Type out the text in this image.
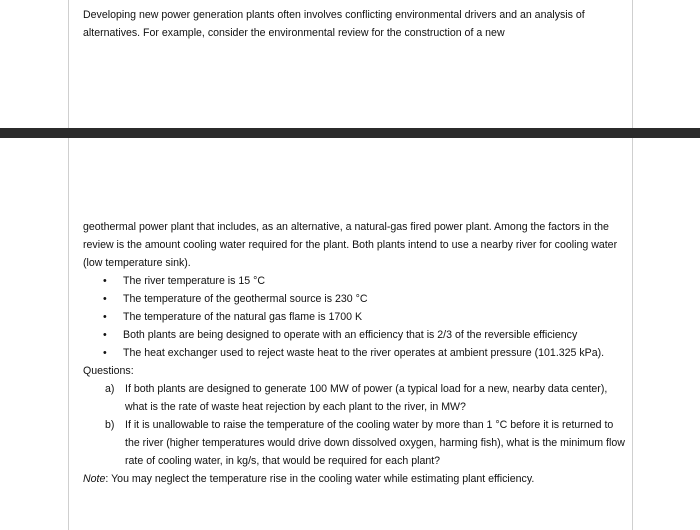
Developing new power generation plants often involves conflicting environmental drivers and an analysis of alternatives. For example, consider the environmental review for the construction of a new

geothermal power plant that includes, as an alternative, a natural-gas fired power plant. Among the factors in the review is the amount cooling water required for the plant. Both plants intend to use a nearby river for cooling water (low temperature sink).

• The river temperature is 15 °C
• The temperature of the geothermal source is 230 °C
• The temperature of the natural gas flame is 1700 K
• Both plants are being designed to operate with an efficiency that is 2/3 of the reversible efficiency
• The heat exchanger used to reject waste heat to the river operates at ambient pressure (101.325 kPa).

Questions:

a) If both plants are designed to generate 100 MW of power (a typical load for a new, nearby data center), what is the rate of waste heat rejection by each plant to the river, in MW?
b) If it is unallowable to raise the temperature of the cooling water by more than 1 °C before it is returned to the river (higher temperatures would drive down dissolved oxygen, harming fish), what is the minimum flow rate of cooling water, in kg/s, that would be required for each plant?

Note: You may neglect the temperature rise in the cooling water while estimating plant efficiency.
